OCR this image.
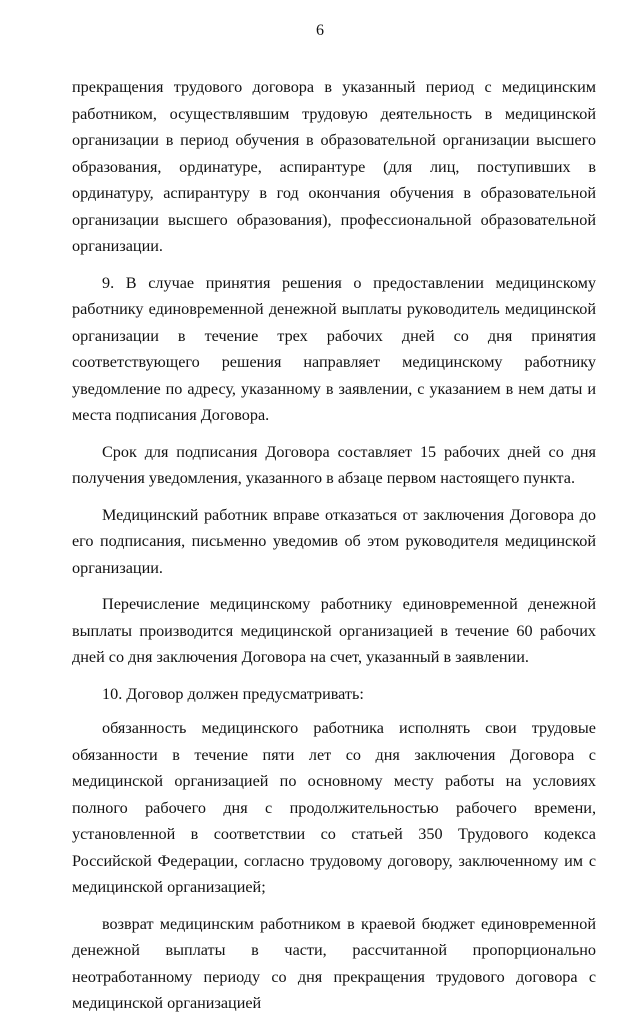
6

прекращения трудового договора в указанный период с медицинским работником, осуществлявшим трудовую деятельность в медицинской организации в период обучения в образовательной организации высшего образования, ординатуре, аспирантуре (для лиц, поступивших в ординатуру, аспирантуру в год окончания обучения в образовательной организации высшего образования), профессиональной образовательной организации.

9. В случае принятия решения о предоставлении медицинскому работнику единовременной денежной выплаты руководитель медицинской организации в течение трех рабочих дней со дня принятия соответствующего решения направляет медицинскому работнику уведомление по адресу, указанному в заявлении, с указанием в нем даты и места подписания Договора.

Срок для подписания Договора составляет 15 рабочих дней со дня получения уведомления, указанного в абзаце первом настоящего пункта.

Медицинский работник вправе отказаться от заключения Договора до его подписания, письменно уведомив об этом руководителя медицинской организации.

Перечисление медицинскому работнику единовременной денежной выплаты производится медицинской организацией в течение 60 рабочих дней со дня заключения Договора на счет, указанный в заявлении.

10. Договор должен предусматривать:

обязанность медицинского работника исполнять свои трудовые обязанности в течение пяти лет со дня заключения Договора с медицинской организацией по основному месту работы на условиях полного рабочего дня с продолжительностью рабочего времени, установленной в соответствии со статьей 350 Трудового кодекса Российской Федерации, согласно трудовому договору, заключенному им с медицинской организацией;

возврат медицинским работником в краевой бюджет единовременной денежной выплаты в части, рассчитанной пропорционально неотработанному периоду со дня прекращения трудового договора с медицинской организацией
